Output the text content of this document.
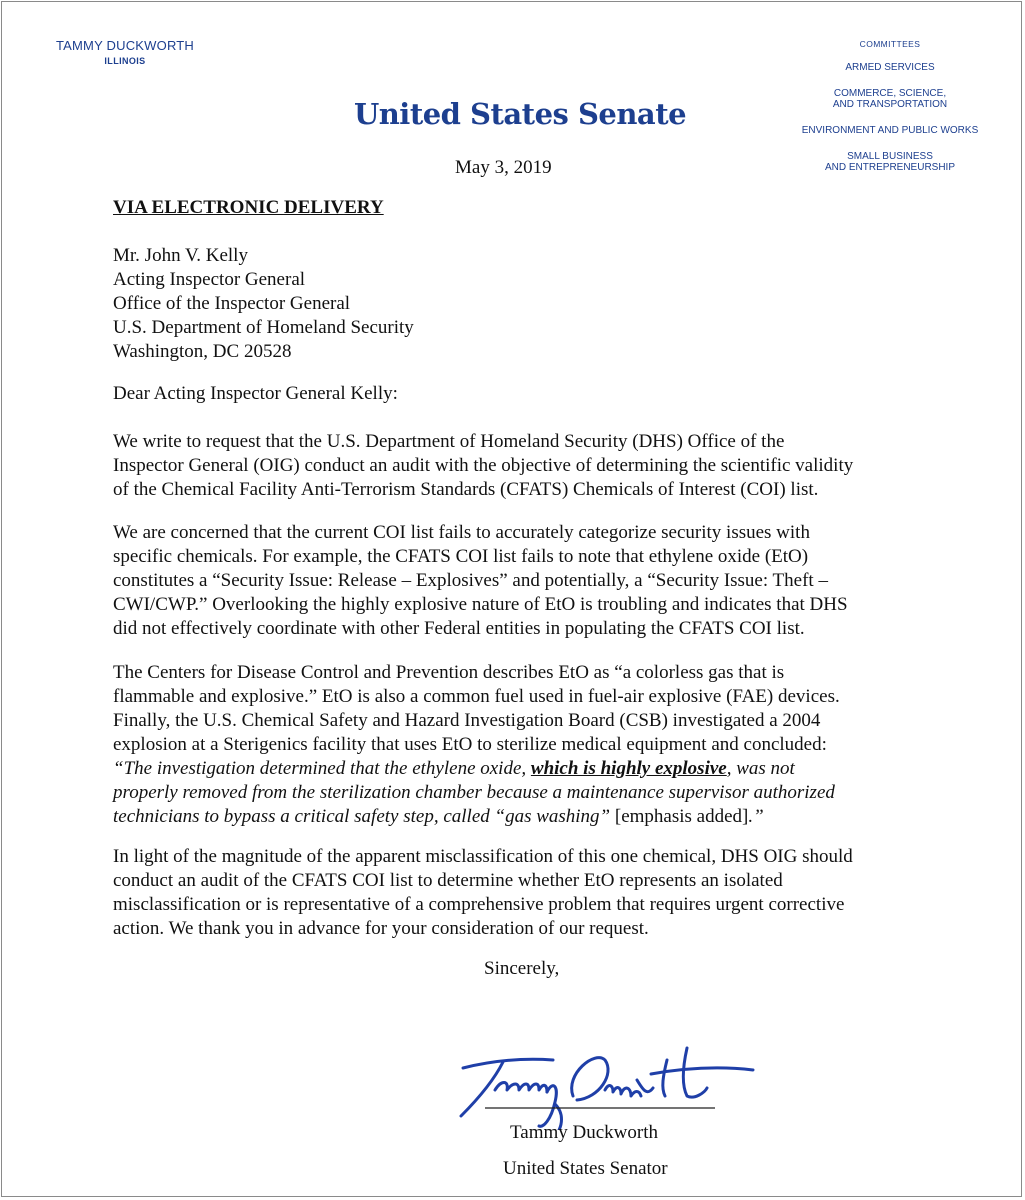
TAMMY DUCKWORTH
ILLINOIS
United States Senate
COMMITTEES
ARMED SERVICES
COMMERCE, SCIENCE,
AND TRANSPORTATION
ENVIRONMENT AND PUBLIC WORKS
SMALL BUSINESS
AND ENTREPRENEURSHIP
May 3, 2019
VIA ELECTRONIC DELIVERY
Mr. John V. Kelly
Acting Inspector General
Office of the Inspector General
U.S. Department of Homeland Security
Washington, DC 20528
Dear Acting Inspector General Kelly:
We write to request that the U.S. Department of Homeland Security (DHS) Office of the
Inspector General (OIG) conduct an audit with the objective of determining the scientific validity
of the Chemical Facility Anti-Terrorism Standards (CFATS) Chemicals of Interest (COI) list.
We are concerned that the current COI list fails to accurately categorize security issues with
specific chemicals. For example, the CFATS COI list fails to note that ethylene oxide (EtO)
constitutes a “Security Issue: Release – Explosives” and potentially, a “Security Issue: Theft –
CWI/CWP.” Overlooking the highly explosive nature of EtO is troubling and indicates that DHS
did not effectively coordinate with other Federal entities in populating the CFATS COI list.
The Centers for Disease Control and Prevention describes EtO as “a colorless gas that is
flammable and explosive.” EtO is also a common fuel used in fuel-air explosive (FAE) devices.
Finally, the U.S. Chemical Safety and Hazard Investigation Board (CSB) investigated a 2004
explosion at a Sterigenics facility that uses EtO to sterilize medical equipment and concluded:
“The investigation determined that the ethylene oxide, which is highly explosive, was not
properly removed from the sterilization chamber because a maintenance supervisor authorized
technicians to bypass a critical safety step, called “gas washing” [emphasis added].”
In light of the magnitude of the apparent misclassification of this one chemical, DHS OIG should
conduct an audit of the CFATS COI list to determine whether EtO represents an isolated
misclassification or is representative of a comprehensive problem that requires urgent corrective
action. We thank you in advance for your consideration of our request.
Sincerely,
Tammy Duckworth
United States Senator
